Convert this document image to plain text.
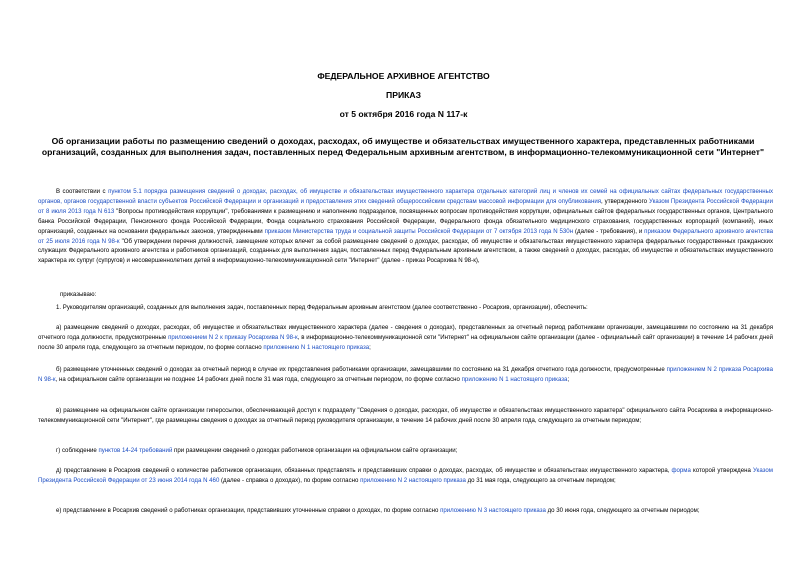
ФЕДЕРАЛЬНОЕ АРХИВНОЕ АГЕНТСТВО
ПРИКАЗ
от 5 октября 2016 года N 117-к
Об организации работы по размещению сведений о доходах, расходах, об имуществе и обязательствах имущественного характера, представленных работниками организаций, созданных для выполнения задач, поставленных перед Федеральным архивным агентством, в информационно-телекоммуникационной сети "Интернет"
В соответствии с пунктом 5.1 порядка размещения сведений о доходах, расходах, об имуществе и обязательствах имущественного характера отдельных категорий лиц и членов их семей на официальных сайтах федеральных государственных органов, органов государственной власти субъектов Российской Федерации и организаций и предоставления этих сведений общероссийским средствам массовой информации для опубликования, утвержденного Указом Президента Российской Федерации от 8 июля 2013 года N 613 "Вопросы противодействия коррупции", требованиями к размещению и наполнению подразделов, посвященных вопросам противодействия коррупции, официальных сайтов федеральных государственных органов, Центрального банка Российской Федерации, Пенсионного фонда Российской Федерации, Фонда социального страхования Российской Федерации, Федерального фонда обязательного медицинского страхования, государственных корпораций (компаний), иных организаций, созданных на основании федеральных законов, утвержденными приказом Министерства труда и социальной защиты Российской Федерации от 7 октября 2013 года N 530н (далее - требования), и приказом Федерального архивного агентства от 25 июля 2016 года N 98-к "Об утверждении перечня должностей, замещение которых влечет за собой размещение сведений о доходах, расходах, об имуществе и обязательствах имущественного характера федеральных государственных гражданских служащих Федерального архивного агентства и работников организаций, созданных для выполнения задач, поставленных перед Федеральным архивным агентством, а также сведений о доходах, расходах, об имуществе и обязательствах имущественного характера их супруг (супругов) и несовершеннолетних детей в информационно-телекоммуникационной сети "Интернет" (далее - приказ Росархива N 98-к),
приказываю:
1. Руководителям организаций, созданных для выполнения задач, поставленных перед Федеральным архивным агентством (далее соответственно - Росархив, организации), обеспечить:
а) размещение сведений о доходах, расходах, об имуществе и обязательствах имущественного характера (далее - сведения о доходах), представленных за отчетный период работниками организации, замещавшими по состоянию на 31 декабря отчетного года должности, предусмотренные приложением N 2 к приказу Росархива N 98-к, в информационно-телекоммуникационной сети "Интернет" на официальном сайте организации (далее - официальный сайт организации) в течение 14 рабочих дней после 30 апреля года, следующего за отчетным периодом, по форме согласно приложению N 1 настоящего приказа;
б) размещение уточненных сведений о доходах за отчетный период в случае их представления работниками организации, замещавшими по состоянию на 31 декабря отчетного года должности, предусмотренные приложением N 2 приказа Росархива N 98-к, на официальном сайте организации не позднее 14 рабочих дней после 31 мая года, следующего за отчетным периодом, по форме согласно приложению N 1 настоящего приказа;
в) размещение на официальном сайте организации гиперссылки, обеспечивающей доступ к подразделу "Сведения о доходах, расходах, об имуществе и обязательствах имущественного характера" официального сайта Росархива в информационно-телекоммуникационной сети "Интернет", где размещены сведения о доходах за отчетный период руководителя организации, в течение 14 рабочих дней после 30 апреля года, следующего за отчетным периодом;
г) соблюдение пунктов 14-24 требований при размещении сведений о доходах работников организации на официальном сайте организации;
д) представление в Росархив сведений о количестве работников организации, обязанных представлять и представивших справки о доходах, расходах, об имуществе и обязательствах имущественного характера, форма которой утверждена Указом Президента Российской Федерации от 23 июня 2014 года N 460 (далее - справка о доходах), по форме согласно приложению N 2 настоящего приказа до 31 мая года, следующего за отчетным периодом;
е) представление в Росархив сведений о работниках организации, представивших уточненные справки о доходах, по форме согласно приложению N 3 настоящего приказа до 30 июня года, следующего за отчетным периодом;
